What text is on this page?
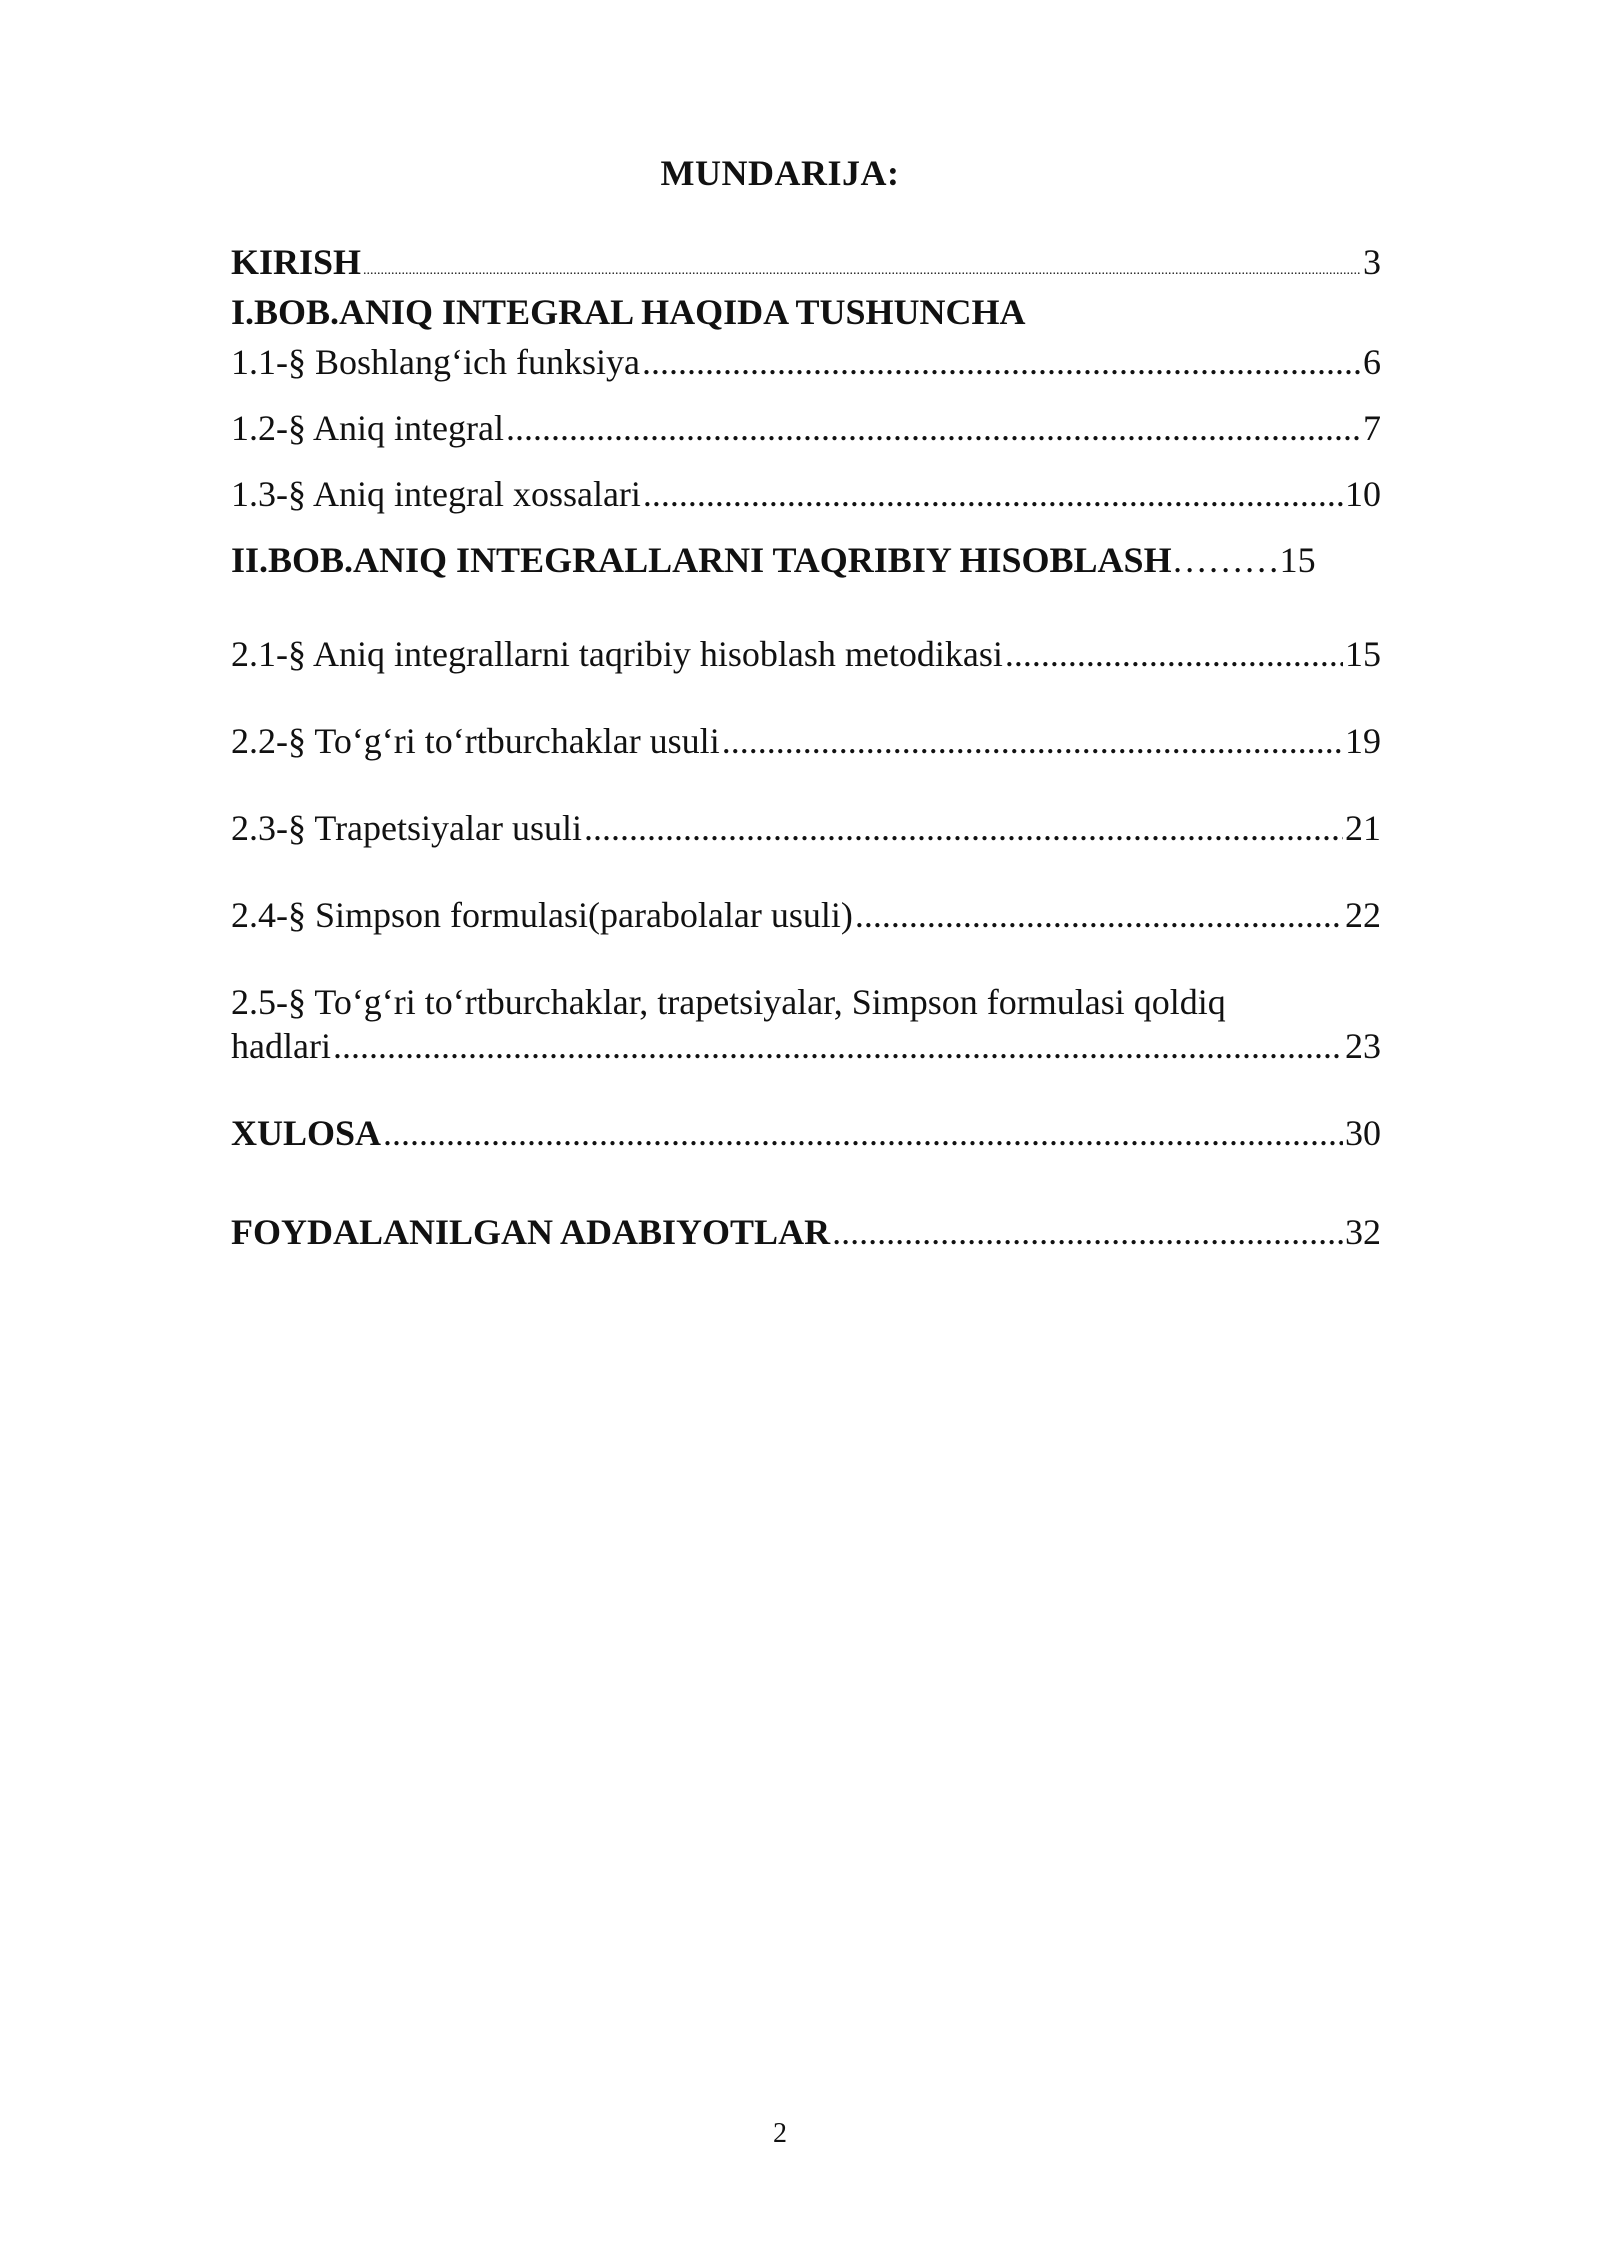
MUNDARIJA:
KIRISH .....	3
I.BOB.ANIQ INTEGRAL HAQIDA TUSHUNCHA
1.1-§ Boshlang‘ich funksiya .....	6
1.2-§ Aniq integral .....	7
1.3-§ Aniq integral xossalari .....	10
II.BOB.ANIQ INTEGRALLARNI TAQRIBIY HISOBLASH ……… 15
2.1-§ Aniq integrallarni taqribiy hisoblash metodikasi .....	15
2.2-§ To‘g‘ri to‘rtburchaklar usuli .....	19
2.3-§ Trapetsiyalar usuli .....	21
2.4-§ Simpson formulasi(parabolalar usuli) .....	22
2.5-§ To‘g‘ri to‘rtburchaklar, trapetsiyalar, Simpson formulasi qoldiq
hadlari .....	23
XULOSA .....	30
FOYDALANILGAN ADABIYOTLAR .....	32
2
